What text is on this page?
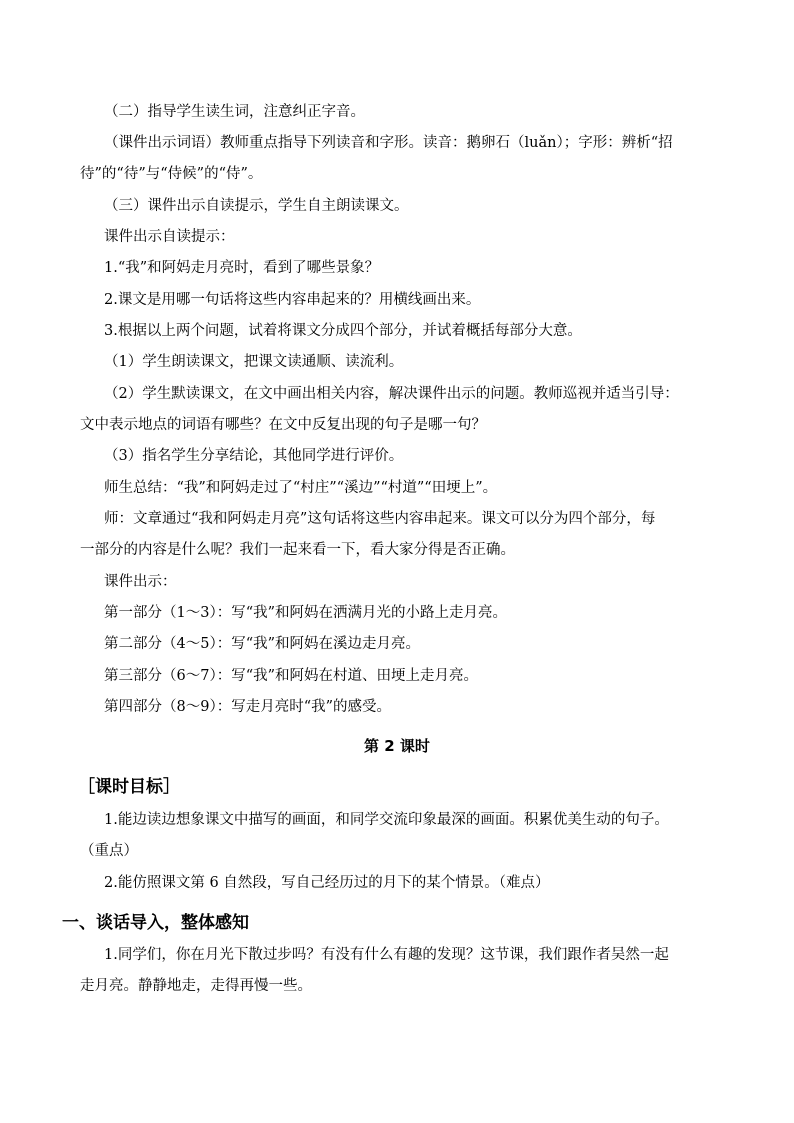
（二）指导学生读生词，注意纠正字音。
（课件出示词语）教师重点指导下列读音和字形。读音：鹅卵石（luǎn）；字形：辨析“招
待”的“待”与“侍候”的“侍”。
（三）课件出示自读提示，学生自主朗读课文。
课件出示自读提示：
1.“我”和阿妈走月亮时，看到了哪些景象？
2.课文是用哪一句话将这些内容串起来的？用横线画出来。
3.根据以上两个问题，试着将课文分成四个部分，并试着概括每部分大意。
（1）学生朗读课文，把课文读通顺、读流利。
（2）学生默读课文，在文中画出相关内容，解决课件出示的问题。教师巡视并适当引导：
文中表示地点的词语有哪些？在文中反复出现的句子是哪一句？
（3）指名学生分享结论，其他同学进行评价。
师生总结：“我”和阿妈走过了“村庄”“溪边”“村道”“田埂上”。
师：文章通过“我和阿妈走月亮”这句话将这些内容串起来。课文可以分为四个部分，每
一部分的内容是什么呢？我们一起来看一下，看大家分得是否正确。
课件出示：
第一部分（1～3）：写“我”和阿妈在洒满月光的小路上走月亮。
第二部分（4～5）：写“我”和阿妈在溪边走月亮。
第三部分（6～7）：写“我”和阿妈在村道、田埂上走月亮。
第四部分（8～9）：写走月亮时“我”的感受。
第 2 课时
［课时目标］
1.能边读边想象课文中描写的画面，和同学交流印象最深的画面。积累优美生动的句子。
（重点）
2.能仿照课文第 6 自然段，写自己经历过的月下的某个情景。（难点）
一、谈话导入，整体感知
1.同学们，你在月光下散过步吗？有没有什么有趣的发现？这节课，我们跟作者吴然一起
走月亮。静静地走，走得再慢一些。
